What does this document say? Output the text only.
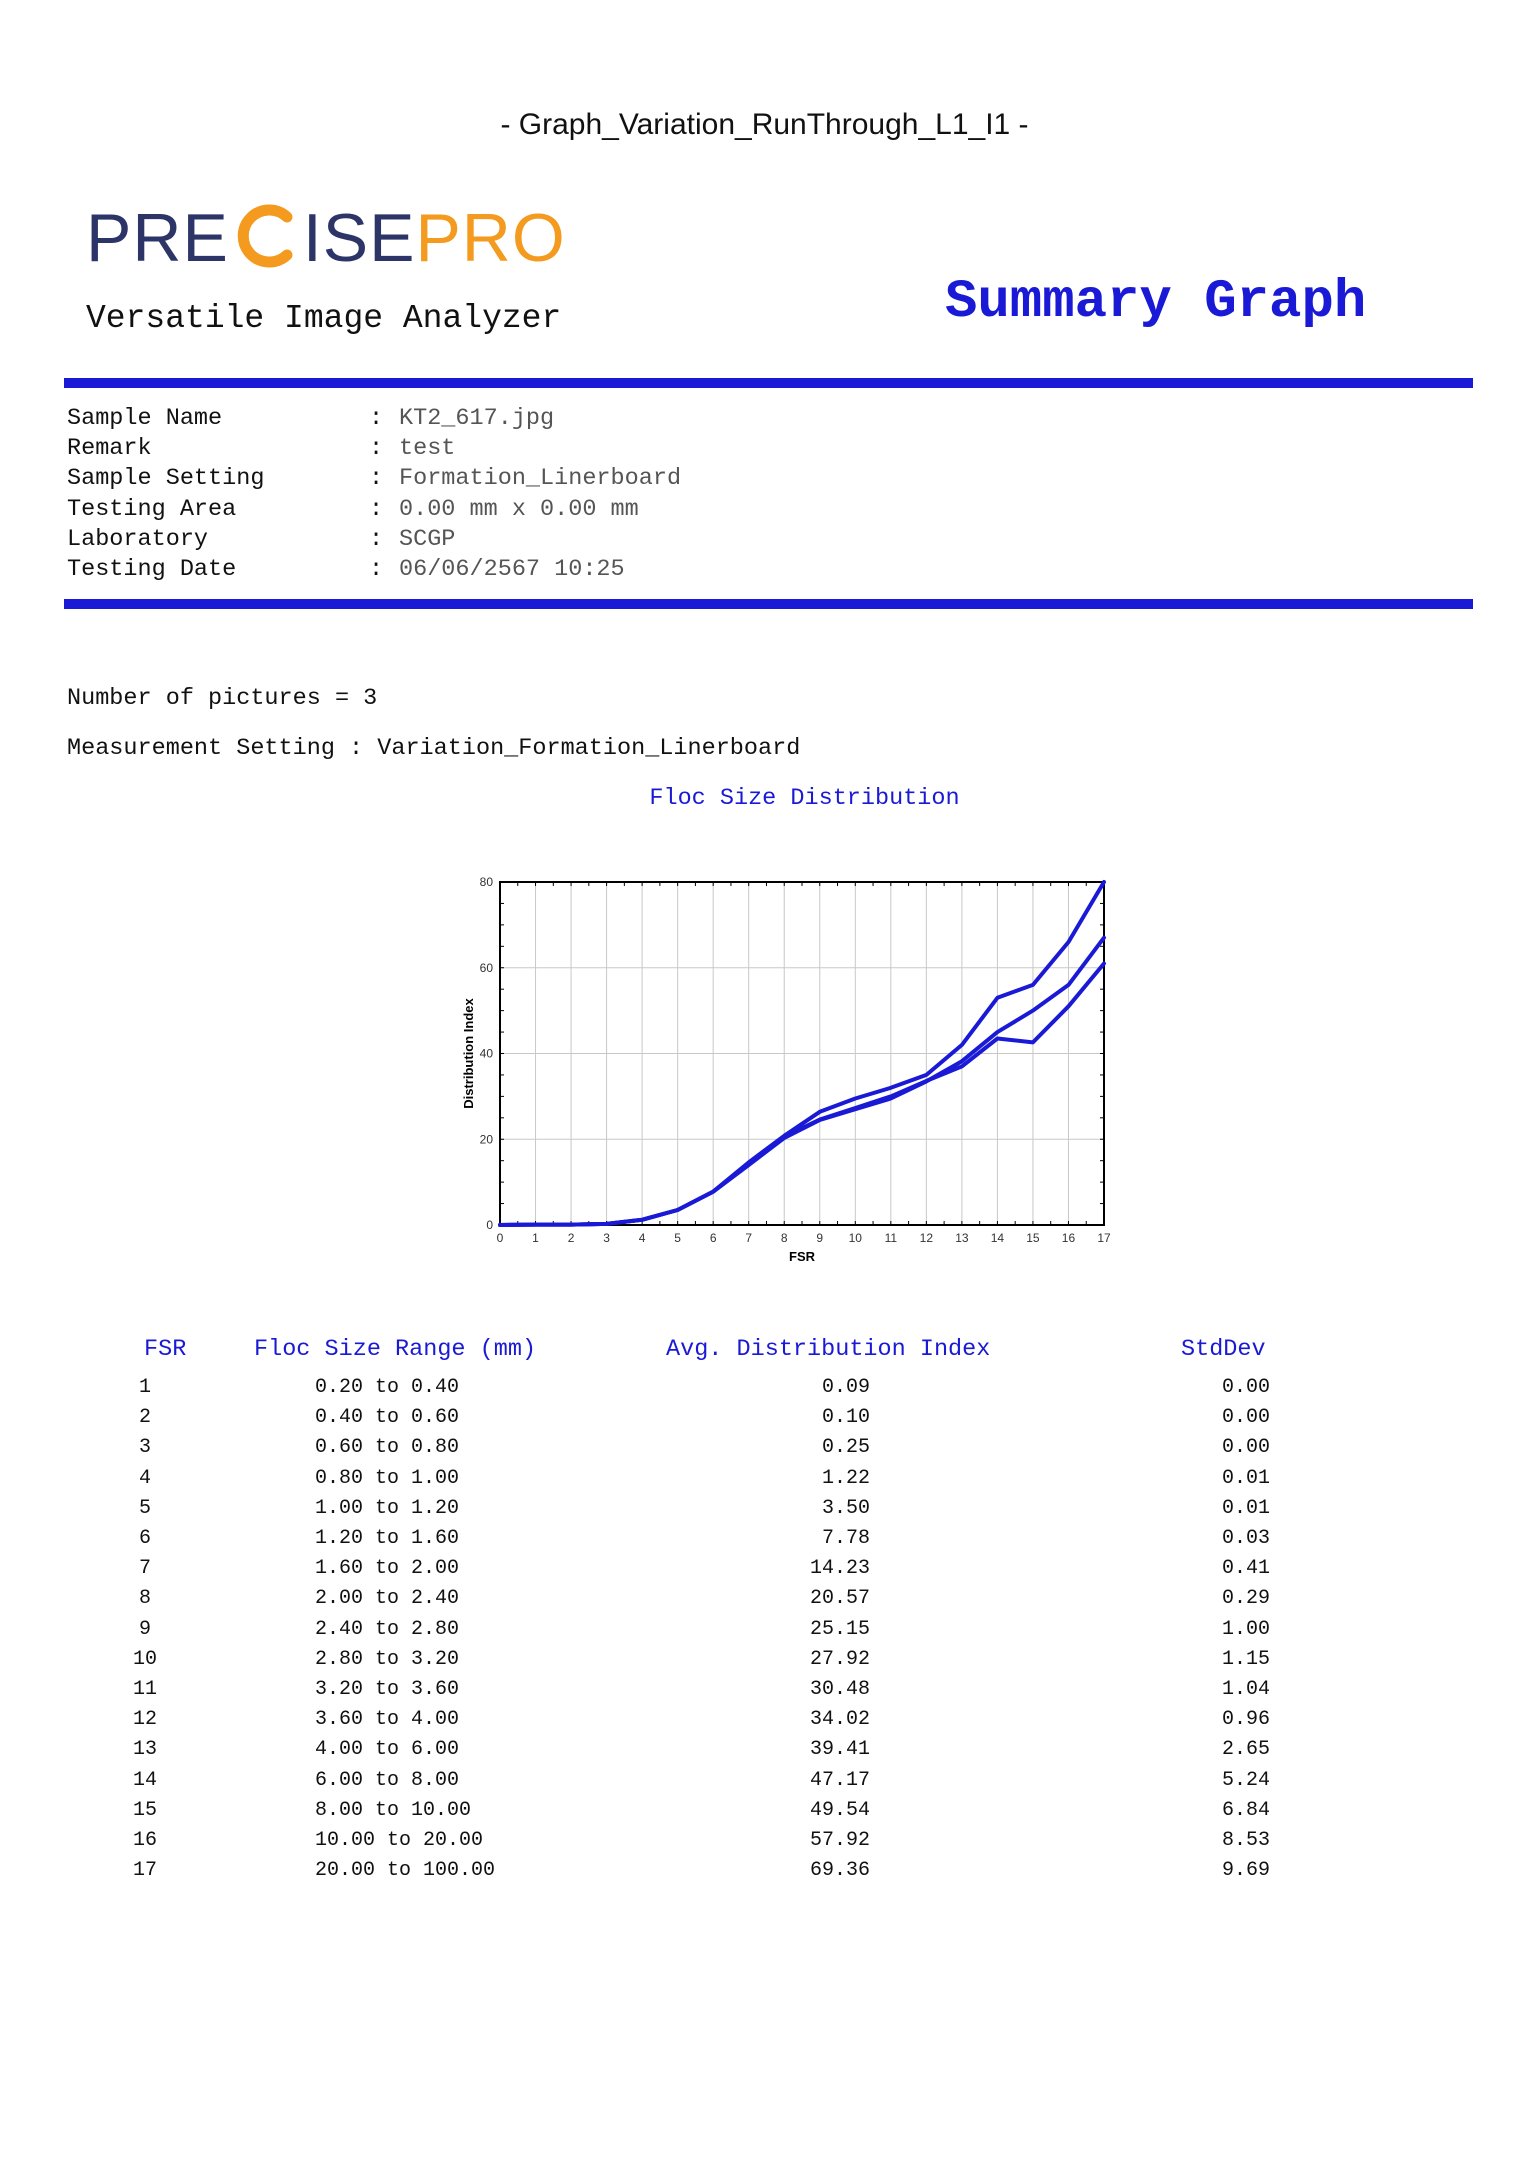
- Graph_Variation_RunThrough_L1_I1 -
PRE ISEPRO
Versatile Image Analyzer	Summary Graph
Sample Name	: KT2_617.jpg
Remark	: test
Sample Setting	: Formation_Linerboard
Testing Area	: 0.00 mm x 0.00 mm
Laboratory	: SCGP
Testing Date	: 06/06/2567 10:25
Number of pictures = 3
Measurement Setting : Variation_Formation_Linerboard
Floc Size Distribution
0 1 2 3 4 5 6 7 8 9 10 11 12 13 14 15 16 17
0
20
40
60
80
FSR
Distribution Index
FSR	Floc Size Range (mm)	Avg. Distribution Index	StdDev
1	0.20 to 0.40	0.09	0.00
2	0.40 to 0.60	0.10	0.00
3	0.60 to 0.80	0.25	0.00
4	0.80 to 1.00	1.22	0.01
5	1.00 to 1.20	3.50	0.01
6	1.20 to 1.60	7.78	0.03
7	1.60 to 2.00	14.23	0.41
8	2.00 to 2.40	20.57	0.29
9	2.40 to 2.80	25.15	1.00
10	2.80 to 3.20	27.92	1.15
11	3.20 to 3.60	30.48	1.04
12	3.60 to 4.00	34.02	0.96
13	4.00 to 6.00	39.41	2.65
14	6.00 to 8.00	47.17	5.24
15	8.00 to 10.00	49.54	6.84
16	10.00 to 20.00	57.92	8.53
17	20.00 to 100.00	69.36	9.69
